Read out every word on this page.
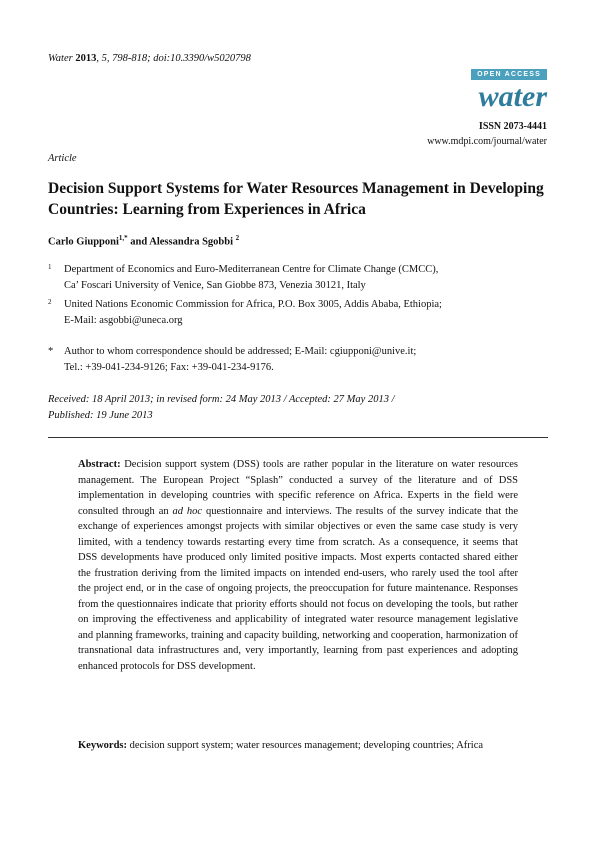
Water 2013, 5, 798-818; doi:10.3390/w5020798
OPEN ACCESS
water
ISSN 2073-4441
www.mdpi.com/journal/water
Article
Decision Support Systems for Water Resources Management in Developing Countries: Learning from Experiences in Africa
Carlo Giupponi$^{1,*}$ and Alessandra Sgobbi $^2$
1 Department of Economics and Euro-Mediterranean Centre for Climate Change (CMCC),
Ca’ Foscari University of Venice, San Giobbe 873, Venezia 30121, Italy
2 United Nations Economic Commission for Africa, P.O. Box 3005, Addis Ababa, Ethiopia;
E-Mail: asgobbi@uneca.org
* Author to whom correspondence should be addressed; E-Mail: cgiupponi@unive.it;
Tel.: +39-041-234-9126; Fax: +39-041-234-9176.
Received: 18 April 2013; in revised form: 24 May 2013 / Accepted: 27 May 2013 /
Published: 19 June 2013
Abstract: Decision support system (DSS) tools are rather popular in the literature on water resources management. The European Project “Splash” conducted a survey of the literature and of DSS implementation in developing countries with specific reference on Africa. Experts in the field were consulted through an ad hoc questionnaire and interviews. The results of the survey indicate that the exchange of experiences amongst projects with similar objectives or even the same case study is very limited, with a tendency towards restarting every time from scratch. As a consequence, it seems that DSS developments have produced only limited positive impacts. Most experts contacted shared either the frustration deriving from the limited impacts on intended end-users, who rarely used the tool after the project end, or in the case of ongoing projects, the preoccupation for future maintenance. Responses from the questionnaires indicate that priority efforts should not focus on developing the tools, but rather on improving the effectiveness and applicability of integrated water resource management legislative and planning frameworks, training and capacity building, networking and cooperation, harmonization of transnational data infrastructures and, very importantly, learning from past experiences and adopting enhanced protocols for DSS development.
Keywords: decision support system; water resources management; developing countries; Africa
